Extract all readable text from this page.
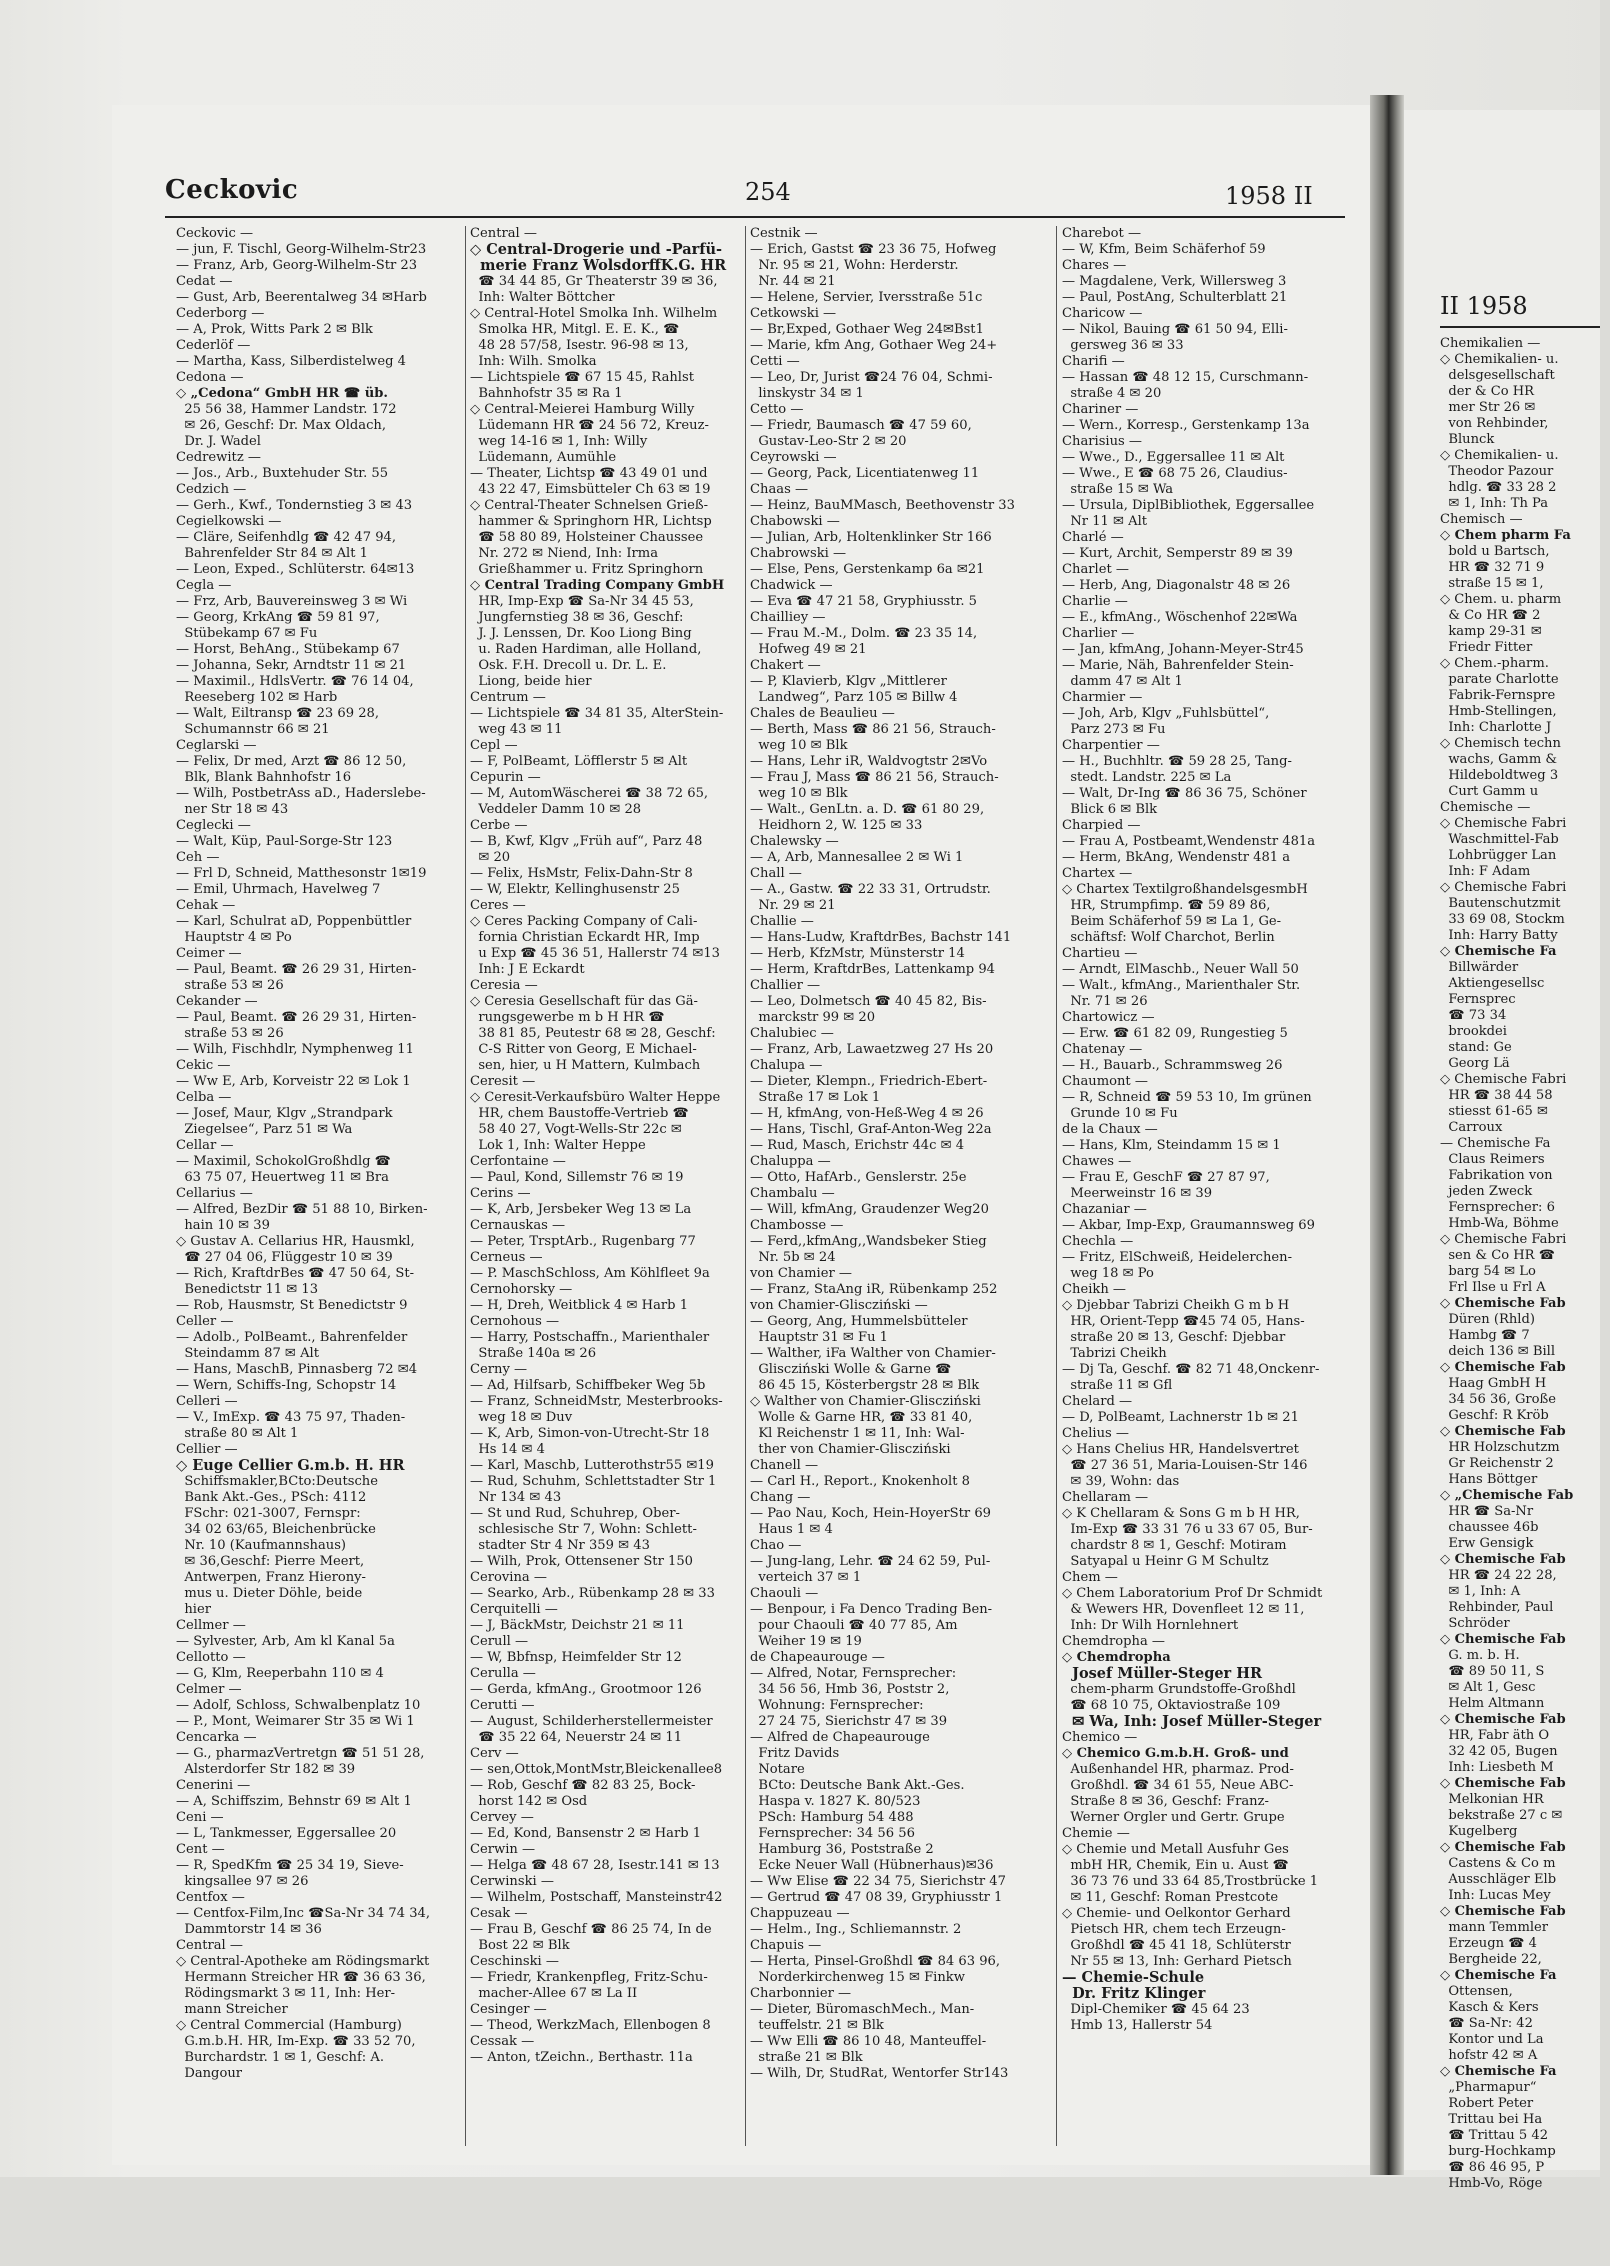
II 1958
Chemikalien —
◇ Chemikalien- u.
delsgesellschaft
der & Co HR
mer Str 26 ✉
von Rehbinder,
Blunck
◇ Chemikalien- u.
Theodor Pazour
hdlg. ☎ 33 28 2
✉ 1, Inh: Th Pa
Chemisch —
◇ Chem pharm Fa
bold u Bartsch,
HR ☎ 32 71 9
straße 15 ✉ 1,
◇ Chem. u. pharm
& Co HR ☎ 2
kamp 29-31 ✉
Friedr Fitter
◇ Chem.-pharm.
parate Charlotte
Fabrik-Fernspre
Hmb-Stellingen,
Inh: Charlotte J
◇ Chemisch techn
wachs, Gamm &
Hildeboldtweg 3
Curt Gamm u
Chemische —
◇ Chemische Fabri
Waschmittel-Fab
Lohbrügger Lan
Inh: F Adam
◇ Chemische Fabri
Bautenschutzmit
33 69 08, Stockm
Inh: Harry Batty
◇ Chemische Fa
Billwärder
Aktiengesellsc
Fernsprec
☎ 73 34
brookdei
stand: Ge
Georg Lä
◇ Chemische Fabri
HR ☎ 38 44 58
stiesst 61-65 ✉
Carroux
— Chemische Fa
Claus Reimers
Fabrikation von
jeden Zweck
Fernsprecher: 6
Hmb-Wa, Böhme
◇ Chemische Fabri
sen & Co HR ☎
barg 54 ✉ Lo
Frl Ilse u Frl A
◇ Chemische Fab
Düren (Rhld)
Hambg ☎ 7
deich 136 ✉ Bill
◇ Chemische Fab
Haag GmbH H
34 56 36, Große
Geschf: R Kröb
◇ Chemische Fab
HR Holzschutzm
Gr Reichenstr 2
Hans Böttger
◇ „Chemische Fab
HR ☎ Sa-Nr
chaussee 46b
Erw Gensigk
◇ Chemische Fab
HR ☎ 24 22 28,
✉ 1, Inh: A
Rehbinder, Paul
Schröder
◇ Chemische Fab
G. m. b. H.
☎ 89 50 11, S
✉ Alt 1, Gesc
Helm Altmann
◇ Chemische Fab
HR, Fabr äth O
32 42 05, Bugen
Inh: Liesbeth M
◇ Chemische Fab
Melkonian HR
bekstraße 27 c ✉
Kugelberg
◇ Chemische Fab
Castens & Co m
Ausschläger Elb
Inh: Lucas Mey
◇ Chemische Fab
mann Temmler
Erzeugn ☎ 4
Bergheide 22,
◇ Chemische Fa
Ottensen,
Kasch & Kers
☎ Sa-Nr: 42
Kontor und La
hofstr 42 ✉ A
◇ Chemische Fa
„Pharmapur“
Robert Peter
Trittau bei Ha
☎ Trittau 5 42
burg-Hochkamp
☎ 86 46 95, P
Hmb-Vo, Röge
Ceckovic	254	1958 II
Ceckovic —
— jun, F. Tischl, Georg-Wilhelm-Str23
— Franz, Arb, Georg-Wilhelm-Str 23
Cedat —
— Gust, Arb, Beerentalweg 34 ✉Harb
Cederborg —
— A, Prok, Witts Park 2 ✉ Blk
Cederlöf —
— Martha, Kass, Silberdistelweg 4
Cedona —
◇ „Cedona“ GmbH HR ☎ üb.
25 56 38, Hammer Landstr. 172
✉ 26, Geschf: Dr. Max Oldach,
Dr. J. Wadel
Cedrewitz —
— Jos., Arb., Buxtehuder Str. 55
Cedzich —
— Gerh., Kwf., Tondernstieg 3 ✉ 43
Cegielkowski —
— Cläre, Seifenhdlg ☎ 42 47 94,
Bahrenfelder Str 84 ✉ Alt 1
— Leon, Exped., Schlüterstr. 64✉13
Cegla —
— Frz, Arb, Bauvereinsweg 3 ✉ Wi
— Georg, KrkAng ☎ 59 81 97,
Stübekamp 67 ✉ Fu
— Horst, BehAng., Stübekamp 67
— Johanna, Sekr, Arndtstr 11 ✉ 21
— Maximil., HdlsVertr. ☎ 76 14 04,
Reeseberg 102 ✉ Harb
— Walt, Eiltransp ☎ 23 69 28,
Schumannstr 66 ✉ 21
Ceglarski —
— Felix, Dr med, Arzt ☎ 86 12 50,
Blk, Blank Bahnhofstr 16
— Wilh, PostbetrAss aD., Haderslebe-
ner Str 18 ✉ 43
Ceglecki —
— Walt, Küp, Paul-Sorge-Str 123
Ceh —
— Frl D, Schneid, Matthesonstr 1✉19
— Emil, Uhrmach, Havelweg 7
Cehak —
— Karl, Schulrat aD, Poppenbüttler
Hauptstr 4 ✉ Po
Ceimer —
— Paul, Beamt. ☎ 26 29 31, Hirten-
straße 53 ✉ 26
Cekander —
— Paul, Beamt. ☎ 26 29 31, Hirten-
straße 53 ✉ 26
— Wilh, Fischhdlr, Nymphenweg 11
Cekic —
— Ww E, Arb, Korveistr 22 ✉ Lok 1
Celba —
— Josef, Maur, Klgv „Strandpark
Ziegelsee“, Parz 51 ✉ Wa
Cellar —
— Maximil, SchokolGroßhdlg ☎
63 75 07, Heuertweg 11 ✉ Bra
Cellarius —
— Alfred, BezDir ☎ 51 88 10, Birken-
hain 10 ✉ 39
◇ Gustav A. Cellarius HR, Hausmkl,
☎ 27 04 06, Flüggestr 10 ✉ 39
— Rich, KraftdrBes ☎ 47 50 64, St-
Benedictstr 11 ✉ 13
— Rob, Hausmstr, St Benedictstr 9
Celler —
— Adolb., PolBeamt., Bahrenfelder
Steindamm 87 ✉ Alt
— Hans, MaschB, Pinnasberg 72 ✉4
— Wern, Schiffs-Ing, Schopstr 14
Celleri —
— V., ImExp. ☎ 43 75 97, Thaden-
straße 80 ✉ Alt 1
Cellier —
◇ Euge Cellier G.m.b. H. HR
Schiffsmakler,BCto:Deutsche
Bank Akt.-Ges., PSch: 4112
FSchr: 021-3007, Fernspr:
34 02 63/65, Bleichenbrücke
Nr. 10 (Kaufmannshaus)
✉ 36,Geschf: Pierre Meert,
Antwerpen, Franz Hierony-
mus u. Dieter Döhle, beide
hier
Cellmer —
— Sylvester, Arb, Am kl Kanal 5a
Cellotto —
— G, Klm, Reeperbahn 110 ✉ 4
Celmer —
— Adolf, Schloss, Schwalbenplatz 10
— P., Mont, Weimarer Str 35 ✉ Wi 1
Cencarka —
— G., pharmazVertretgn ☎ 51 51 28,
Alsterdorfer Str 182 ✉ 39
Cenerini —
— A, Schiffszim, Behnstr 69 ✉ Alt 1
Ceni —
— L, Tankmesser, Eggersallee 20
Cent —
— R, SpedKfm ☎ 25 34 19, Sieve-
kingsallee 97 ✉ 26
Centfox —
— Centfox-Film,Inc ☎Sa-Nr 34 74 34,
Dammtorstr 14 ✉ 36
Central —
◇ Central-Apotheke am Rödingsmarkt
Hermann Streicher HR ☎ 36 63 36,
Rödingsmarkt 3 ✉ 11, Inh: Her-
mann Streicher
◇ Central Commercial (Hamburg)
G.m.b.H. HR, Im-Exp. ☎ 33 52 70,
Burchardstr. 1 ✉ 1, Geschf: A.
Dangour
Central —
◇ Central-Drogerie und -Parfü-
merie Franz WolsdorffK.G. HR
☎ 34 44 85, Gr Theaterstr 39 ✉ 36,
Inh: Walter Böttcher
◇ Central-Hotel Smolka Inh. Wilhelm
Smolka HR, Mitgl. E. E. K., ☎
48 28 57/58, Isestr. 96-98 ✉ 13,
Inh: Wilh. Smolka
— Lichtspiele ☎ 67 15 45, Rahlst
Bahnhofstr 35 ✉ Ra 1
◇ Central-Meierei Hamburg Willy
Lüdemann HR ☎ 24 56 72, Kreuz-
weg 14-16 ✉ 1, Inh: Willy
Lüdemann, Aumühle
— Theater, Lichtsp ☎ 43 49 01 und
43 22 47, Eimsbütteler Ch 63 ✉ 19
◇ Central-Theater Schnelsen Grieß-
hammer & Springhorn HR, Lichtsp
☎ 58 80 89, Holsteiner Chaussee
Nr. 272 ✉ Niend, Inh: Irma
Grießhammer u. Fritz Springhorn
◇ Central Trading Company GmbH
HR, Imp-Exp ☎ Sa-Nr 34 45 53,
Jungfernstieg 38 ✉ 36, Geschf:
J. J. Lenssen, Dr. Koo Liong Bing
u. Raden Hardiman, alle Holland,
Osk. F.H. Drecoll u. Dr. L. E.
Liong, beide hier
Centrum —
— Lichtspiele ☎ 34 81 35, AlterStein-
weg 43 ✉ 11
Cepl —
— F, PolBeamt, Löfflerstr 5 ✉ Alt
Cepurin —
— M, AutomWäscherei ☎ 38 72 65,
Veddeler Damm 10 ✉ 28
Cerbe —
— B, Kwf, Klgv „Früh auf“, Parz 48
✉ 20
— Felix, HsMstr, Felix-Dahn-Str 8
— W, Elektr, Kellinghusenstr 25
Ceres —
◇ Ceres Packing Company of Cali-
fornia Christian Eckardt HR, Imp
u Exp ☎ 45 36 51, Hallerstr 74 ✉13
Inh: J E Eckardt
Ceresia —
◇ Ceresia Gesellschaft für das Gä-
rungsgewerbe m b H HR ☎
38 81 85, Peutestr 68 ✉ 28, Geschf:
C-S Ritter von Georg, E Michael-
sen, hier, u H Mattern, Kulmbach
Ceresit —
◇ Ceresit-Verkaufsbüro Walter Heppe
HR, chem Baustoffe-Vertrieb ☎
58 40 27, Vogt-Wells-Str 22c ✉
Lok 1, Inh: Walter Heppe
Cerfontaine —
— Paul, Kond, Sillemstr 76 ✉ 19
Cerins —
— K, Arb, Jersbeker Weg 13 ✉ La
Cernauskas —
— Peter, TrsptArb., Rugenbarg 77
Cerneus —
— P. MaschSchloss, Am Köhlfleet 9a
Cernohorsky —
— H, Dreh, Weitblick 4 ✉ Harb 1
Cernohous —
— Harry, Postschaffn., Marienthaler
Straße 140a ✉ 26
Cerny —
— Ad, Hilfsarb, Schiffbeker Weg 5b
— Franz, SchneidMstr, Mesterbrooks-
weg 18 ✉ Duv
— K, Arb, Simon-von-Utrecht-Str 18
Hs 14 ✉ 4
— Karl, Maschb, Lutterothstr55 ✉19
— Rud, Schuhm, Schlettstadter Str 1
Nr 134 ✉ 43
— St und Rud, Schuhrep, Ober-
schlesische Str 7, Wohn: Schlett-
stadter Str 4 Nr 359 ✉ 43
— Wilh, Prok, Ottensener Str 150
Cerovina —
— Searko, Arb., Rübenkamp 28 ✉ 33
Cerquitelli —
— J, BäckMstr, Deichstr 21 ✉ 11
Cerull —
— W, Bbfnsp, Heimfelder Str 12
Cerulla —
— Gerda, kfmAng., Grootmoor 126
Cerutti —
— August, Schilderherstellermeister
☎ 35 22 64, Neuerstr 24 ✉ 11
Cerv —
— sen,Ottok,MontMstr,Bleickenallee8
— Rob, Geschf ☎ 82 83 25, Bock-
horst 142 ✉ Osd
Cervey —
— Ed, Kond, Bansenstr 2 ✉ Harb 1
Cerwin —
— Helga ☎ 48 67 28, Isestr.141 ✉ 13
Cerwinski —
— Wilhelm, Postschaff, Mansteinstr42
Cesak —
— Frau B, Geschf ☎ 86 25 74, In de
Bost 22 ✉ Blk
Ceschinski —
— Friedr, Krankenpfleg, Fritz-Schu-
macher-Allee 67 ✉ La II
Cesinger —
— Theod, WerkzMach, Ellenbogen 8
Cessak —
— Anton, tZeichn., Berthastr. 11a
Cestnik —
— Erich, Gastst ☎ 23 36 75, Hofweg
Nr. 95 ✉ 21, Wohn: Herderstr.
Nr. 44 ✉ 21
— Helene, Servier, Iversstraße 51c
Cetkowski —
— Br,Exped, Gothaer Weg 24✉Bst1
— Marie, kfm Ang, Gothaer Weg 24+
Cetti —
— Leo, Dr, Jurist ☎24 76 04, Schmi-
linskystr 34 ✉ 1
Cetto —
— Friedr, Baumasch ☎ 47 59 60,
Gustav-Leo-Str 2 ✉ 20
Ceyrowski —
— Georg, Pack, Licentiatenweg 11
Chaas —
— Heinz, BauMMasch, Beethovenstr 33
Chabowski —
— Julian, Arb, Holtenklinker Str 166
Chabrowski —
— Else, Pens, Gerstenkamp 6a ✉21
Chadwick —
— Eva ☎ 47 21 58, Gryphiusstr. 5
Chailliey —
— Frau M.-M., Dolm. ☎ 23 35 14,
Hofweg 49 ✉ 21
Chakert —
— P, Klavierb, Klgv „Mittlerer
Landweg“, Parz 105 ✉ Billw 4
Chales de Beaulieu —
— Berth, Mass ☎ 86 21 56, Strauch-
weg 10 ✉ Blk
— Hans, Lehr iR, Waldvogtstr 2✉Vo
— Frau J, Mass ☎ 86 21 56, Strauch-
weg 10 ✉ Blk
— Walt., GenLtn. a. D. ☎ 61 80 29,
Heidhorn 2, W. 125 ✉ 33
Chalewsky —
— A, Arb, Mannesallee 2 ✉ Wi 1
Chall —
— A., Gastw. ☎ 22 33 31, Ortrudstr.
Nr. 29 ✉ 21
Challie —
— Hans-Ludw, KraftdrBes, Bachstr 141
— Herb, KfzMstr, Münsterstr 14
— Herm, KraftdrBes, Lattenkamp 94
Challier —
— Leo, Dolmetsch ☎ 40 45 82, Bis-
marckstr 99 ✉ 20
Chalubiec —
— Franz, Arb, Lawaetzweg 27 Hs 20
Chalupa —
— Dieter, Klempn., Friedrich-Ebert-
Straße 17 ✉ Lok 1
— H, kfmAng, von-Heß-Weg 4 ✉ 26
— Hans, Tischl, Graf-Anton-Weg 22a
— Rud, Masch, Erichstr 44c ✉ 4
Chaluppa —
— Otto, HafArb., Genslerstr. 25e
Chambalu —
— Will, kfmAng, Graudenzer Weg20
Chambosse —
— Ferd,,kfmAng,,Wandsbeker Stieg
Nr. 5b ✉ 24
von Chamier —
— Franz, StaAng iR, Rübenkamp 252
von Chamier-Gliscziński —
— Georg, Ang, Hummelsbütteler
Hauptstr 31 ✉ Fu 1
— Walther, iFa Walther von Chamier-
Gliscziński Wolle & Garne ☎
86 45 15, Kösterbergstr 28 ✉ Blk
◇ Walther von Chamier-Gliscziński
Wolle & Garne HR, ☎ 33 81 40,
Kl Reichenstr 1 ✉ 11, Inh: Wal-
ther von Chamier-Gliscziński
Chanell —
— Carl H., Report., Knokenholt 8
Chang —
— Pao Nau, Koch, Hein-HoyerStr 69
Haus 1 ✉ 4
Chao —
— Jung-lang, Lehr. ☎ 24 62 59, Pul-
verteich 37 ✉ 1
Chaouli —
— Benpour, i Fa Denco Trading Ben-
pour Chaouli ☎ 40 77 85, Am
Weiher 19 ✉ 19
de Chapeaurouge —
— Alfred, Notar, Fernsprecher:
34 56 56, Hmb 36, Poststr 2,
Wohnung: Fernsprecher:
27 24 75, Sierichstr 47 ✉ 39
— Alfred de Chapeaurouge
Fritz Davids
Notare
BCto: Deutsche Bank Akt.-Ges.
Haspa v. 1827 K. 80/523
PSch: Hamburg 54 488
Fernsprecher: 34 56 56
Hamburg 36, Poststraße 2
Ecke Neuer Wall (Hübnerhaus)✉36
— Ww Elise ☎ 22 34 75, Sierichstr 47
— Gertrud ☎ 47 08 39, Gryphiusstr 1
Chappuzeau —
— Helm., Ing., Schliemannstr. 2
Chapuis —
— Herta, Pinsel-Großhdl ☎ 84 63 96,
Norderkirchenweg 15 ✉ Finkw
Charbonnier —
— Dieter, BüromaschMech., Man-
teuffelstr. 21 ✉ Blk
— Ww Elli ☎ 86 10 48, Manteuffel-
straße 21 ✉ Blk
— Wilh, Dr, StudRat, Wentorfer Str143
Charebot —
— W, Kfm, Beim Schäferhof 59
Chares —
— Magdalene, Verk, Willersweg 3
— Paul, PostAng, Schulterblatt 21
Charicow —
— Nikol, Bauing ☎ 61 50 94, Elli-
gersweg 36 ✉ 33
Charifi —
— Hassan ☎ 48 12 15, Curschmann-
straße 4 ✉ 20
Chariner —
— Wern., Korresp., Gerstenkamp 13a
Charisius —
— Wwe., D., Eggersallee 11 ✉ Alt
— Wwe., E ☎ 68 75 26, Claudius-
straße 15 ✉ Wa
— Ursula, DiplBibliothek, Eggersallee
Nr 11 ✉ Alt
Charlé —
— Kurt, Archit, Semperstr 89 ✉ 39
Charlet —
— Herb, Ang, Diagonalstr 48 ✉ 26
Charlie —
— E., kfmAng., Wöschenhof 22✉Wa
Charlier —
— Jan, kfmAng, Johann-Meyer-Str45
— Marie, Näh, Bahrenfelder Stein-
damm 47 ✉ Alt 1
Charmier —
— Joh, Arb, Klgv „Fuhlsbüttel“,
Parz 273 ✉ Fu
Charpentier —
— H., Buchhltr. ☎ 59 28 25, Tang-
stedt. Landstr. 225 ✉ La
— Walt, Dr-Ing ☎ 86 36 75, Schöner
Blick 6 ✉ Blk
Charpied —
— Frau A, Postbeamt,Wendenstr 481a
— Herm, BkAng, Wendenstr 481 a
Chartex —
◇ Chartex TextilgroßhandelsgesmbH
HR, Strumpfimp. ☎ 59 89 86,
Beim Schäferhof 59 ✉ La 1, Ge-
schäftsf: Wolf Charchot, Berlin
Chartieu —
— Arndt, ElMaschb., Neuer Wall 50
— Walt., kfmAng., Marienthaler Str.
Nr. 71 ✉ 26
Chartowicz —
— Erw. ☎ 61 82 09, Rungestieg 5
Chatenay —
— H., Bauarb., Schrammsweg 26
Chaumont —
— R, Schneid ☎ 59 53 10, Im grünen
Grunde 10 ✉ Fu
de la Chaux —
— Hans, Klm, Steindamm 15 ✉ 1
Chawes —
— Frau E, GeschF ☎ 27 87 97,
Meerweinstr 16 ✉ 39
Chazaniar —
— Akbar, Imp-Exp, Graumannsweg 69
Chechla —
— Fritz, ElSchweiß, Heidelerchen-
weg 18 ✉ Po
Cheikh —
◇ Djebbar Tabrizi Cheikh G m b H
HR, Orient-Tepp ☎45 74 05, Hans-
straße 20 ✉ 13, Geschf: Djebbar
Tabrizi Cheikh
— Dj Ta, Geschf. ☎ 82 71 48,Onckenr-
straße 11 ✉ Gfl
Chelard —
— D, PolBeamt, Lachnerstr 1b ✉ 21
Chelius —
◇ Hans Chelius HR, Handelsvertret
☎ 27 36 51, Maria-Louisen-Str 146
✉ 39, Wohn: das
Chellaram —
◇ K Chellaram & Sons G m b H HR,
Im-Exp ☎ 33 31 76 u 33 67 05, Bur-
chardstr 8 ✉ 1, Geschf: Motiram
Satyapal u Heinr G M Schultz
Chem —
◇ Chem Laboratorium Prof Dr Schmidt
& Wewers HR, Dovenfleet 12 ✉ 11,
Inh: Dr Wilh Hornlehnert
Chemdropha —
◇ Chemdropha
Josef Müller-Steger HR
chem-pharm Grundstoffe-Großhdl
☎ 68 10 75, Oktaviostraße 109
✉ Wa, Inh: Josef Müller-Steger
Chemico —
◇ Chemico G.m.b.H. Groß- und
Außenhandel HR, pharmaz. Prod-
Großhdl. ☎ 34 61 55, Neue ABC-
Straße 8 ✉ 36, Geschf: Franz-
Werner Orgler und Gertr. Grupe
Chemie —
◇ Chemie und Metall Ausfuhr Ges
mbH HR, Chemik, Ein u. Aust ☎
36 73 76 und 33 64 85,Trostbrücke 1
✉ 11, Geschf: Roman Prestcote
◇ Chemie- und Oelkontor Gerhard
Pietsch HR, chem tech Erzeugn-
Großhdl ☎ 45 41 18, Schlüterstr
Nr 55 ✉ 13, Inh: Gerhard Pietsch
— Chemie-Schule
Dr. Fritz Klinger
Dipl-Chemiker ☎ 45 64 23
Hmb 13, Hallerstr 54
